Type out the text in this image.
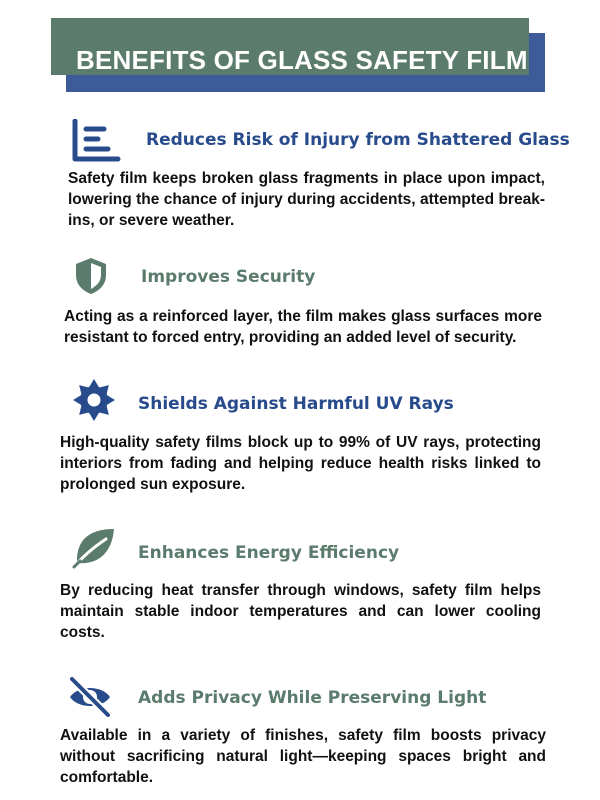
BENEFITS OF GLASS SAFETY FILM
Reduces Risk of Injury from Shattered Glass
Safety film keeps broken glass fragments in place upon impact, lowering the chance of injury during accidents, attempted break-ins, or severe weather.
Improves Security
Acting as a reinforced layer, the film makes glass surfaces more resistant to forced entry, providing an added level of security.
Shields Against Harmful UV Rays
High-quality safety films block up to 99% of UV rays, protecting interiors from fading and helping reduce health risks linked to prolonged sun exposure.
Enhances Energy Efficiency
By reducing heat transfer through windows, safety film helps maintain stable indoor temperatures and can lower cooling costs.
Adds Privacy While Preserving Light
Available in a variety of finishes, safety film boosts privacy without sacrificing natural light—keeping spaces bright and comfortable.
